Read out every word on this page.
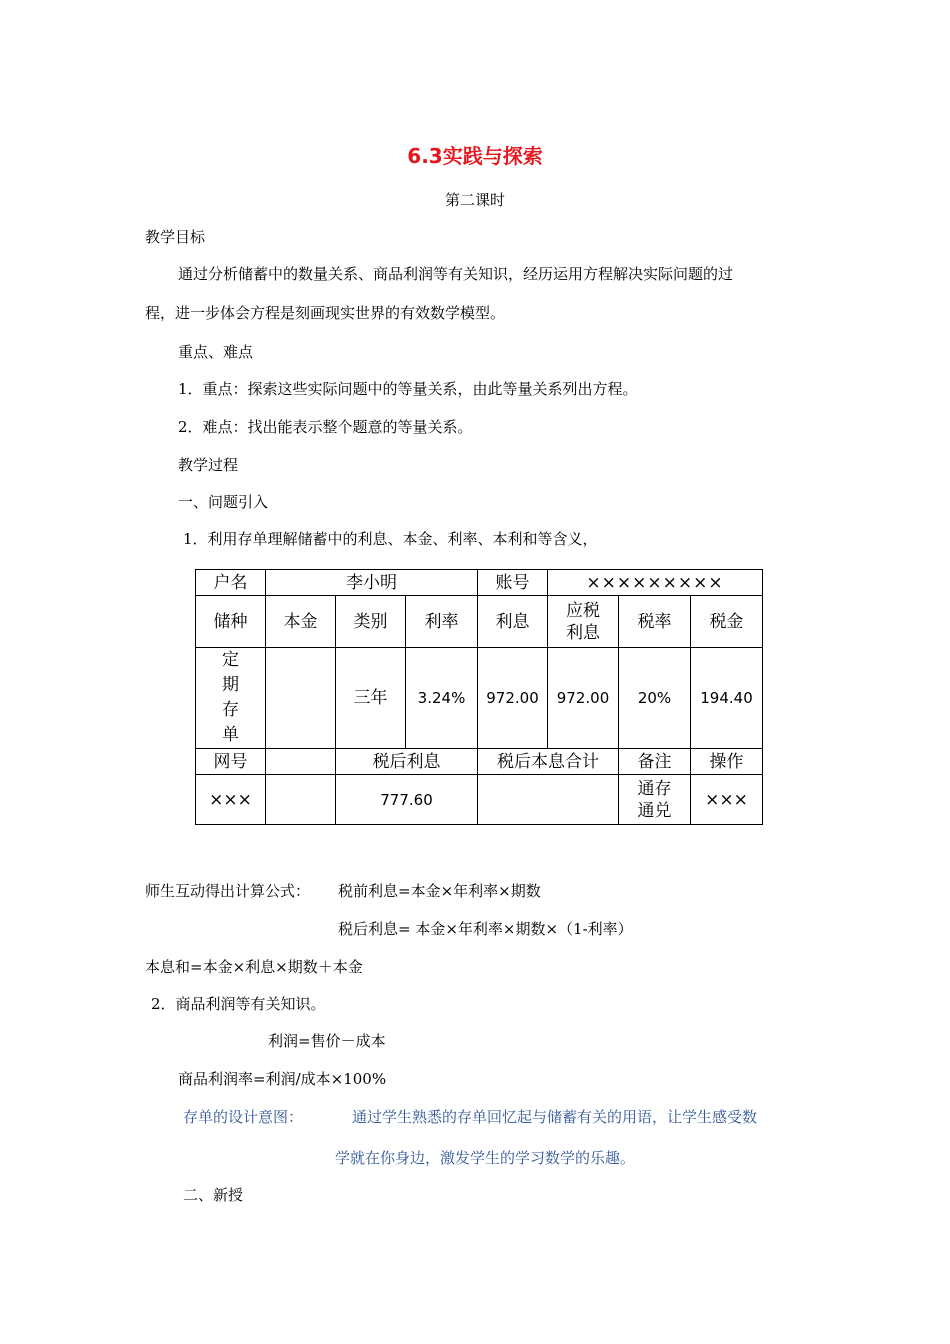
6.3实践与探索
第二课时
教学目标
通过分析储蓄中的数量关系、商品利润等有关知识，经历运用方程解决实际问题的过
程，进一步体会方程是刻画现实世界的有效数学模型。
重点、难点
1．重点：探索这些实际问题中的等量关系，由此等量关系列出方程。
2．难点：找出能表示整个题意的等量关系。
教学过程
一、问题引入
1．利用存单理解储蓄中的利息、本金、利率、本利和等含义，
户名	李小明			账号	×××××××××		
储种	本金	类别	利率	利息	应税利息	税率	税金
定期存单		三年	3.24%	972.00	972.00	20%	194.40
网号		税后利息		税后本息合计		备注	操作
×××		777.60				通存通兑	×××
师生互动得出计算公式： 税前利息=本金×年利率×期数
税后利息= 本金×年利率×期数×（1-利率）
本息和=本金×利息×期数＋本金
2．商品利润等有关知识。
利润=售价－成本
商品利润率=利润/成本×100%
存单的设计意图：	通过学生熟悉的存单回忆起与储蓄有关的用语，让学生感受数
学就在你身边，激发学生的学习数学的乐趣。
二、新授
